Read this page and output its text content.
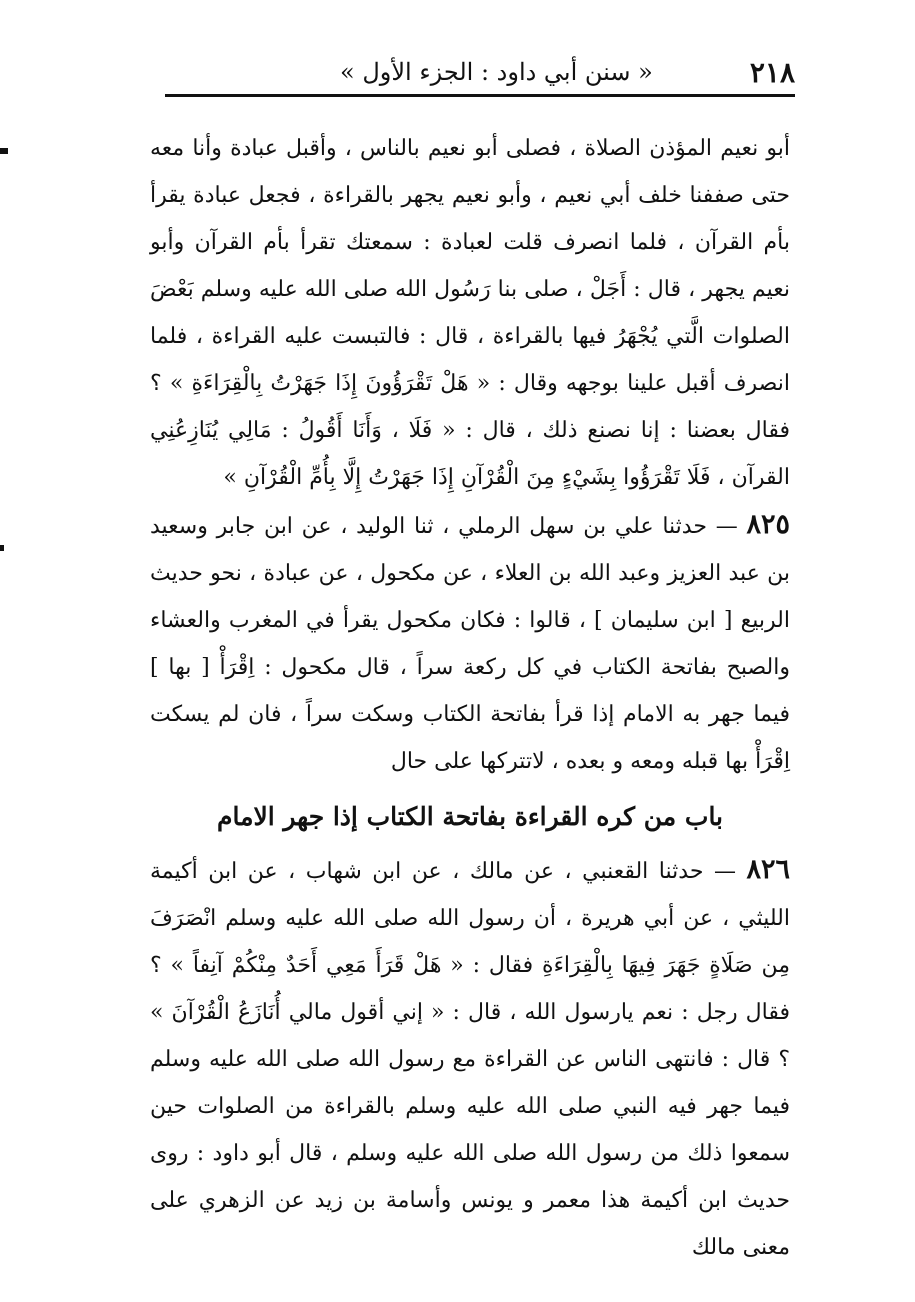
٢١٨
« سنن أبي داود : الجزء الأول »

أبو نعيم المؤذن الصلاة ، فصلى أبو نعيم بالناس ، وأقبل عبادة وأنا معه حتى صففنا خلف أبي نعيم ، وأبو نعيم يجهر بالقراءة ، فجعل عبادة يقرأ بأم القرآن ، فلما انصرف قلت لعبادة : سمعتك تقرأ بأم القرآن وأبو نعيم يجهر ، قال : أَجَلْ ، صلى بنا رَسُول الله صلى الله عليه وسلم بَعْضَ الصلوات الَّتي يُجْهَرُ فيها بالقراءة ، قال : فالتبست عليه القراءة ، فلما انصرف أقبل علينا بوجهه وقال : « هَلْ تَقْرَؤُونَ إِذَا جَهَرْتُ بِالْقِرَاءَةِ » ؟ فقال بعضنا : إنا نصنع ذلك ، قال : « فَلَا ، وَأَنَا أَقُولُ : مَالِي يُنَازِعُنِي القرآن ، فَلَا تَقْرَؤُوا بِشَيْءٍ مِنَ الْقُرْآنِ إِذَا جَهَرْتُ إِلَّا بِأُمِّ الْقُرْآنِ »

٨٢٥ — حدثنا علي بن سهل الرملي ، ثنا الوليد ، عن ابن جابر وسعيد بن عبد العزيز وعبد الله بن العلاء ، عن مكحول ، عن عبادة ، نحو حديث الربيع [ ابن سليمان ] ، قالوا : فكان مكحول يقرأ في المغرب والعشاء والصبح بفاتحة الكتاب في كل ركعة سراً ، قال مكحول : اِقْرَأْ [ بها ] فيما جهر به الامام إذا قرأ بفاتحة الكتاب وسكت سراً ، فان لم يسكت اِقْرَأْ بها قبله ومعه و بعده ، لاتتركها على حال

باب من كره القراءة بفاتحة الكتاب إذا جهر الامام

٨٢٦ — حدثنا القعنبي ، عن مالك ، عن ابن شهاب ، عن ابن أكيمة الليثي ، عن أبي هريرة ، أن رسول الله صلى الله عليه وسلم انْصَرَفَ مِن صَلَاةٍ جَهَرَ فِيهَا بِالْقِرَاءَةِ فقال : « هَلْ قَرَأَ مَعِي أَحَدٌ مِنْكُمْ آنِفاً » ؟ فقال رجل : نعم يارسول الله ، قال : « إني أقول مالي أُنَازَعُ الْقُرْآنَ » ؟ قال : فانتهى الناس عن القراءة مع رسول الله صلى الله عليه وسلم فيما جهر فيه النبي صلى الله عليه وسلم بالقراءة من الصلوات حين سمعوا ذلك من رسول الله صلى الله عليه وسلم ، قال أبو داود : روى حديث ابن أكيمة هذا معمر و يونس وأسامة بن زيد عن الزهري على معنى مالك
